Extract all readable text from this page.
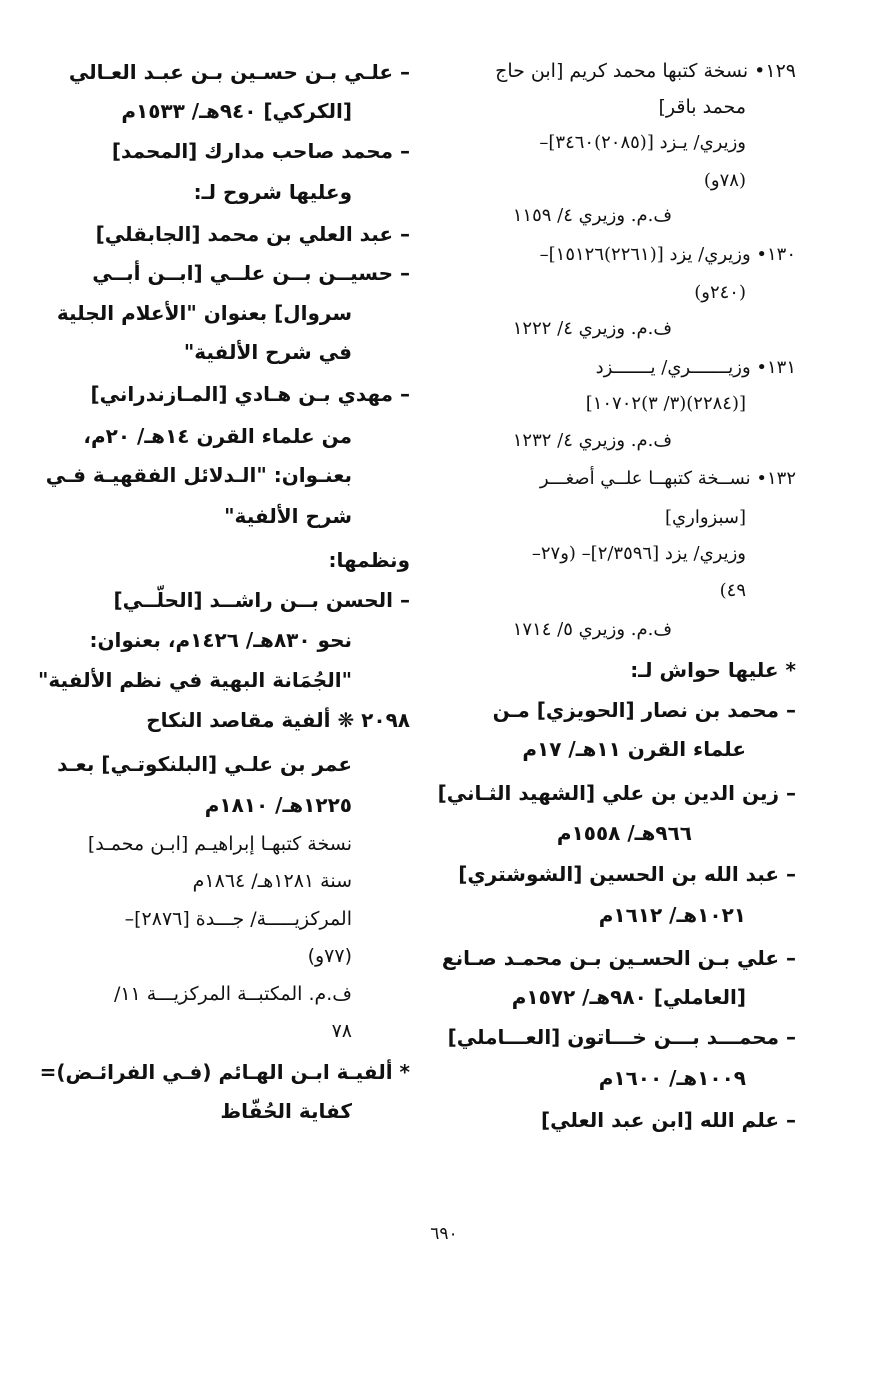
١٢٩• نسخة كتبها محمد كريم [ابن حاج
محمد باقر]
وزيري/ يـزد [(٢٠٨٥)٣٤٦٠]–
(٧٨و)
ف.م. وزيري ٤/ ١١٥٩
١٣٠• وزيري/ يزد [(٢٢٦١)١٥١٢٦]–
(٢٤٠و)
ف.م. وزيري ٤/ ١٢٢٢
١٣١• وزيـــــــري/ يـــــــزد
[(٢٢٨٤)(٣/ ٣)١٠٧٠٢]
ف.م. وزيري ٤/ ١٢٣٢
١٣٢• نســخة كتبهــا علــي أصغـــر
[سبزواري]
وزيري/ يزد [٢/٣٥٩٦]– (و٢٧–
٤٩)
ف.م. وزيري ٥/ ١٧١٤
* عليها حواش لـ:
– محمد بن نصار [الحويزي] مـن
علماء القرن ١١هـ/ ١٧م
– زين الدين بن علي [الشهيد الثـاني]
٩٦٦هـ/ ١٥٥٨م
– عبد الله بن الحسين [الشوشتري]
١٠٢١هـ/ ١٦١٢م
– علي بـن الحسـين بـن محمـد صـانع
[العاملي] ٩٨٠هـ/ ١٥٧٢م
– محمـــد بـــن خـــاتون [العـــاملي]
١٠٠٩هـ/ ١٦٠٠م
– علم الله [ابن عبد العلي]
– علـي بـن حسـين بـن عبـد العـالي
[الكركي] ٩٤٠هـ/ ١٥٣٣م
– محمد صاحب مدارك [المحمد]
وعليها شروح لـ:
– عبد العلي بن محمد [الجابقلي]
– حسيــن بــن علــي [ابــن أبــي
سروال] بعنوان "الأعلام الجلية
في شرح الألفية"
– مهدي بـن هـادي [المـازندراني]
من علماء القرن ١٤هـ/ ٢٠م،
بعنـوان: "الـدلائل الفقهيـة فـي
شرح الألفية"
ونظمها:
– الحسن بــن راشــد [الحلّــي]
نحو ٨٣٠هـ/ ١٤٢٦م، بعنوان:
"الجُمَانة البهية في نظم الألفية"
٢٠٩٨ ❋ ألفية مقاصد النكاح
عمر بن علـي [البلنكوتـي] بعـد
١٢٢٥هـ/ ١٨١٠م
نسخة كتبهـا إبراهيـم [ابـن محمـد]
سنة ١٢٨١هـ/ ١٨٦٤م
المركزيـــــة/ جـــدة [٢٨٧٦]–
(٧٧و)
ف.م. المكتبــة المركزيـــة ١١/
٧٨
* ألفيـة ابـن الهـائم (فـي الفرائـض)=
كفاية الحُفّاظ
٦٩٠
